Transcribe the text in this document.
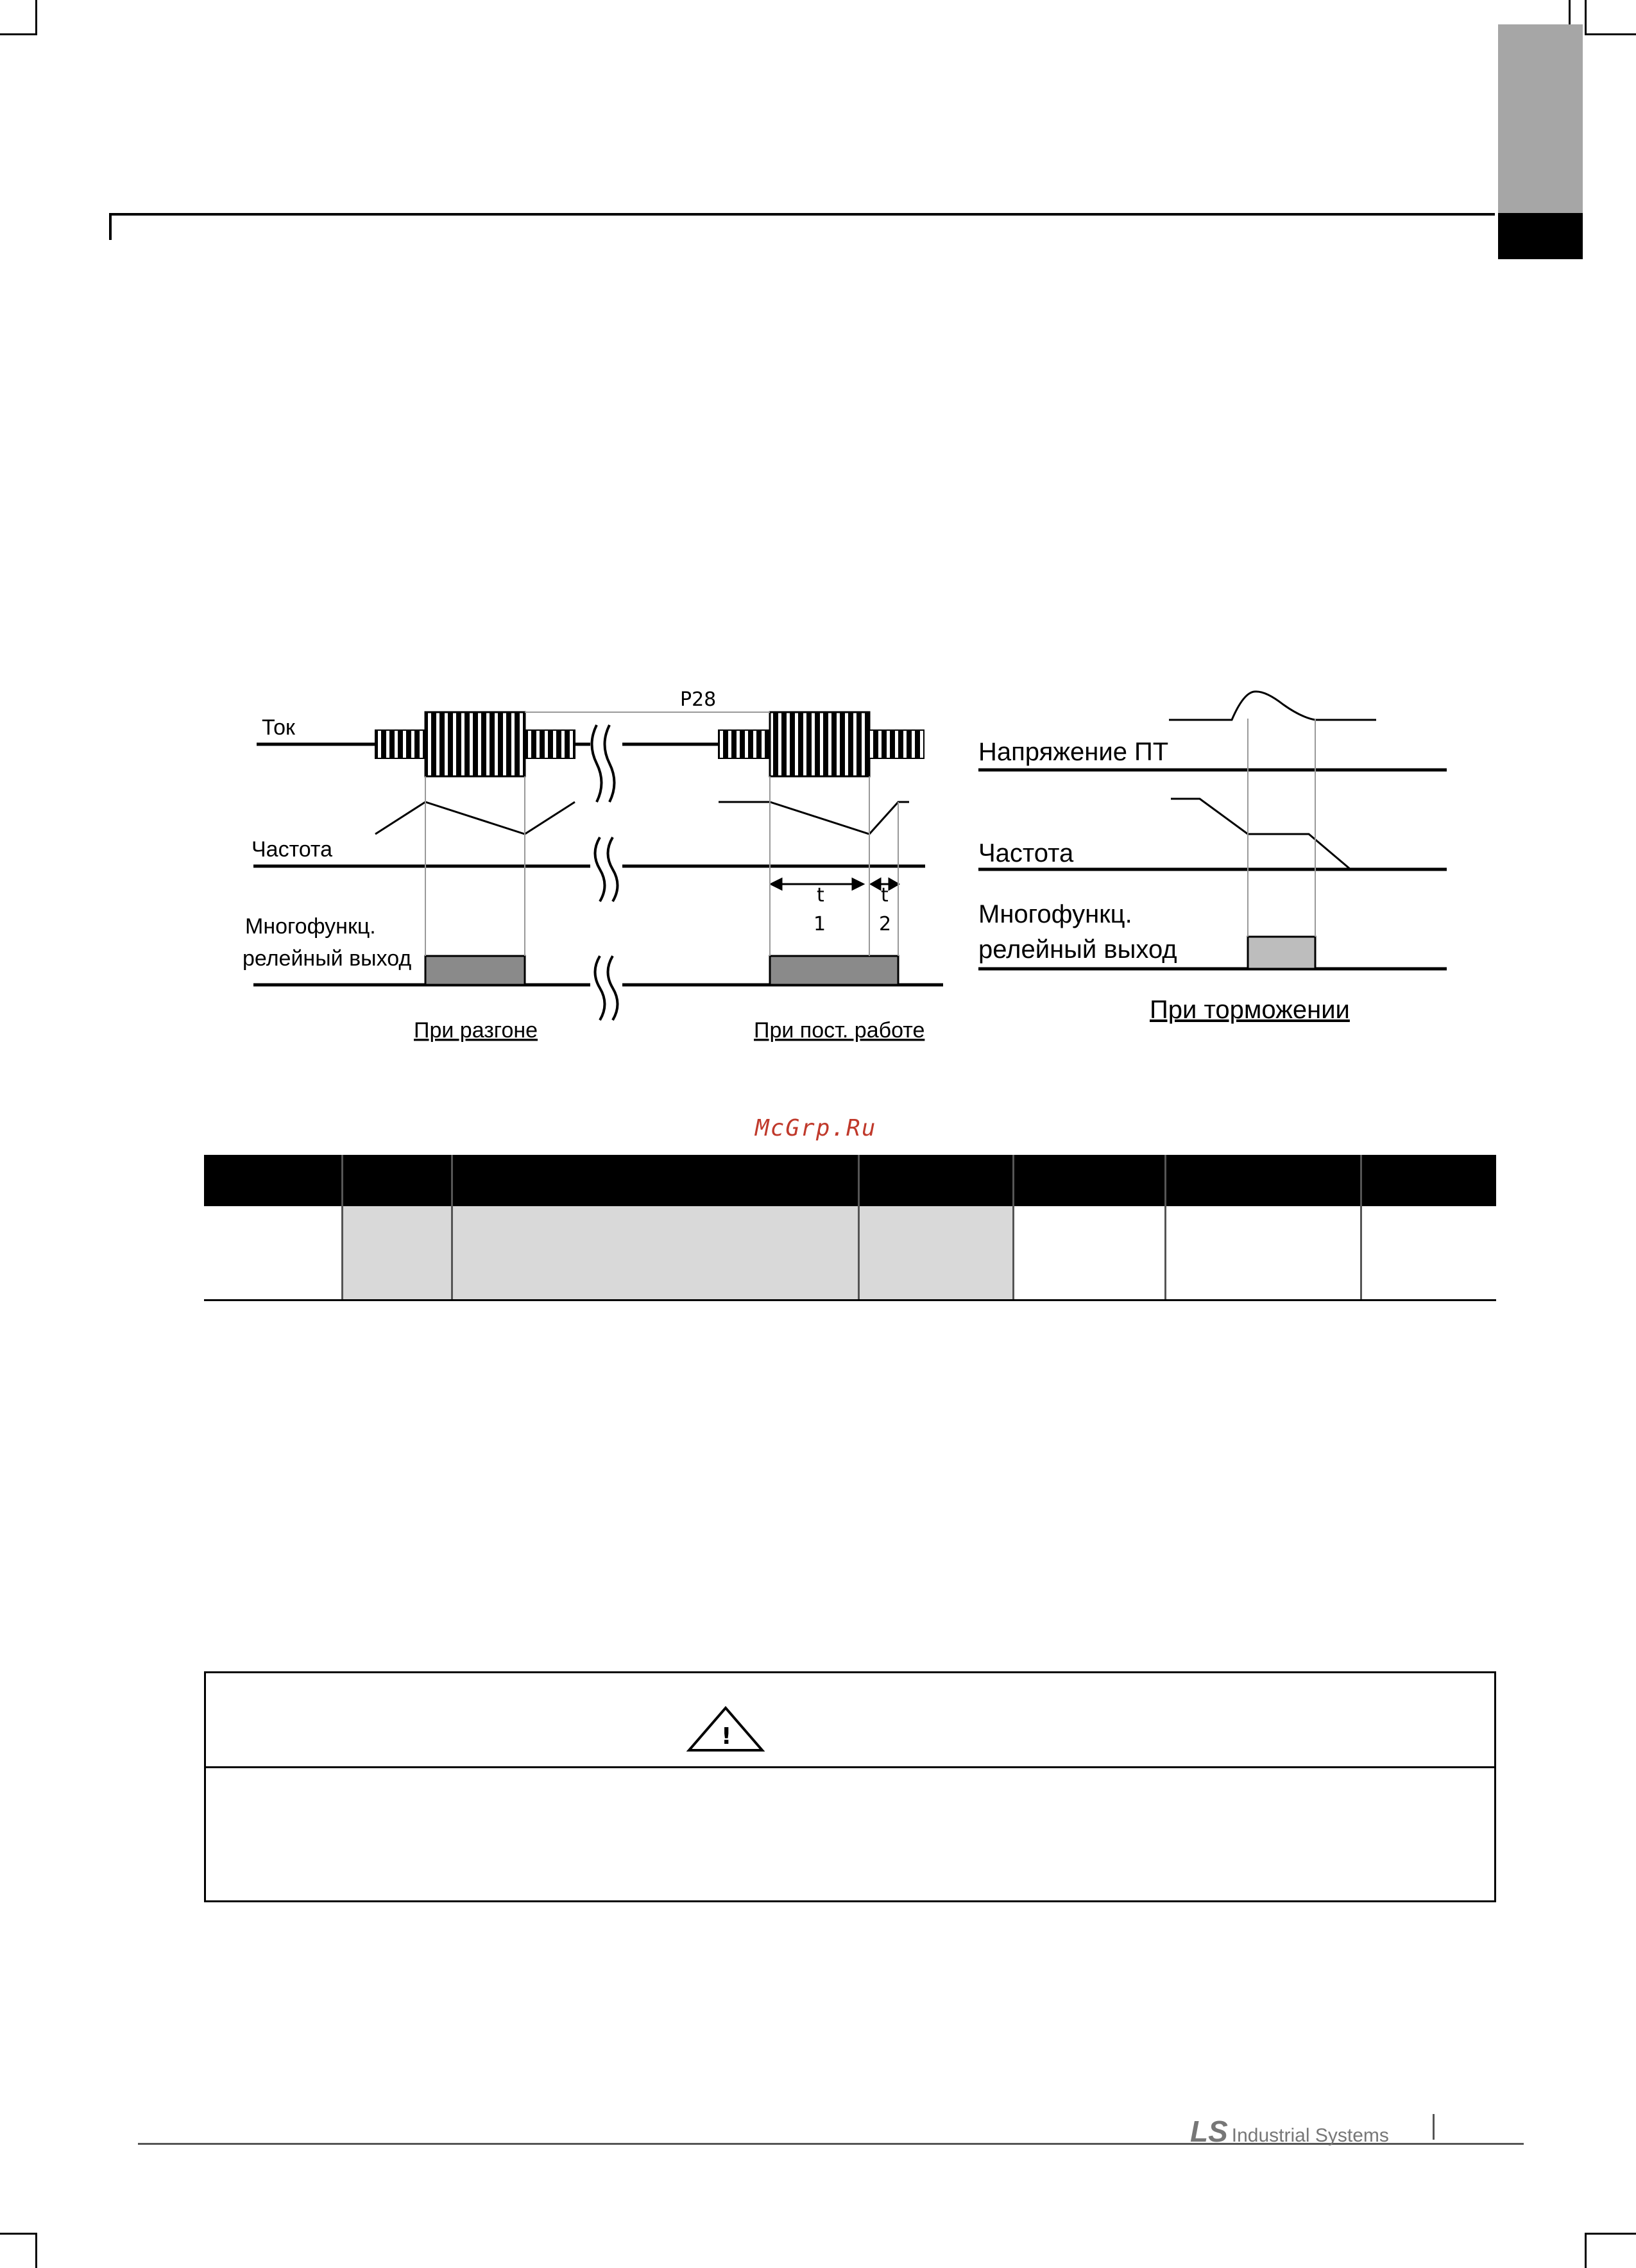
P28
Ток
Частота
t
1
t
2
Многофункц.
релейный выход
При разгоне	При пост. работе
Напряжение ПТ
Частота
Многофункц.
релейный выход
При торможении
McGrp.Ru
!
LS Industrial Systems
